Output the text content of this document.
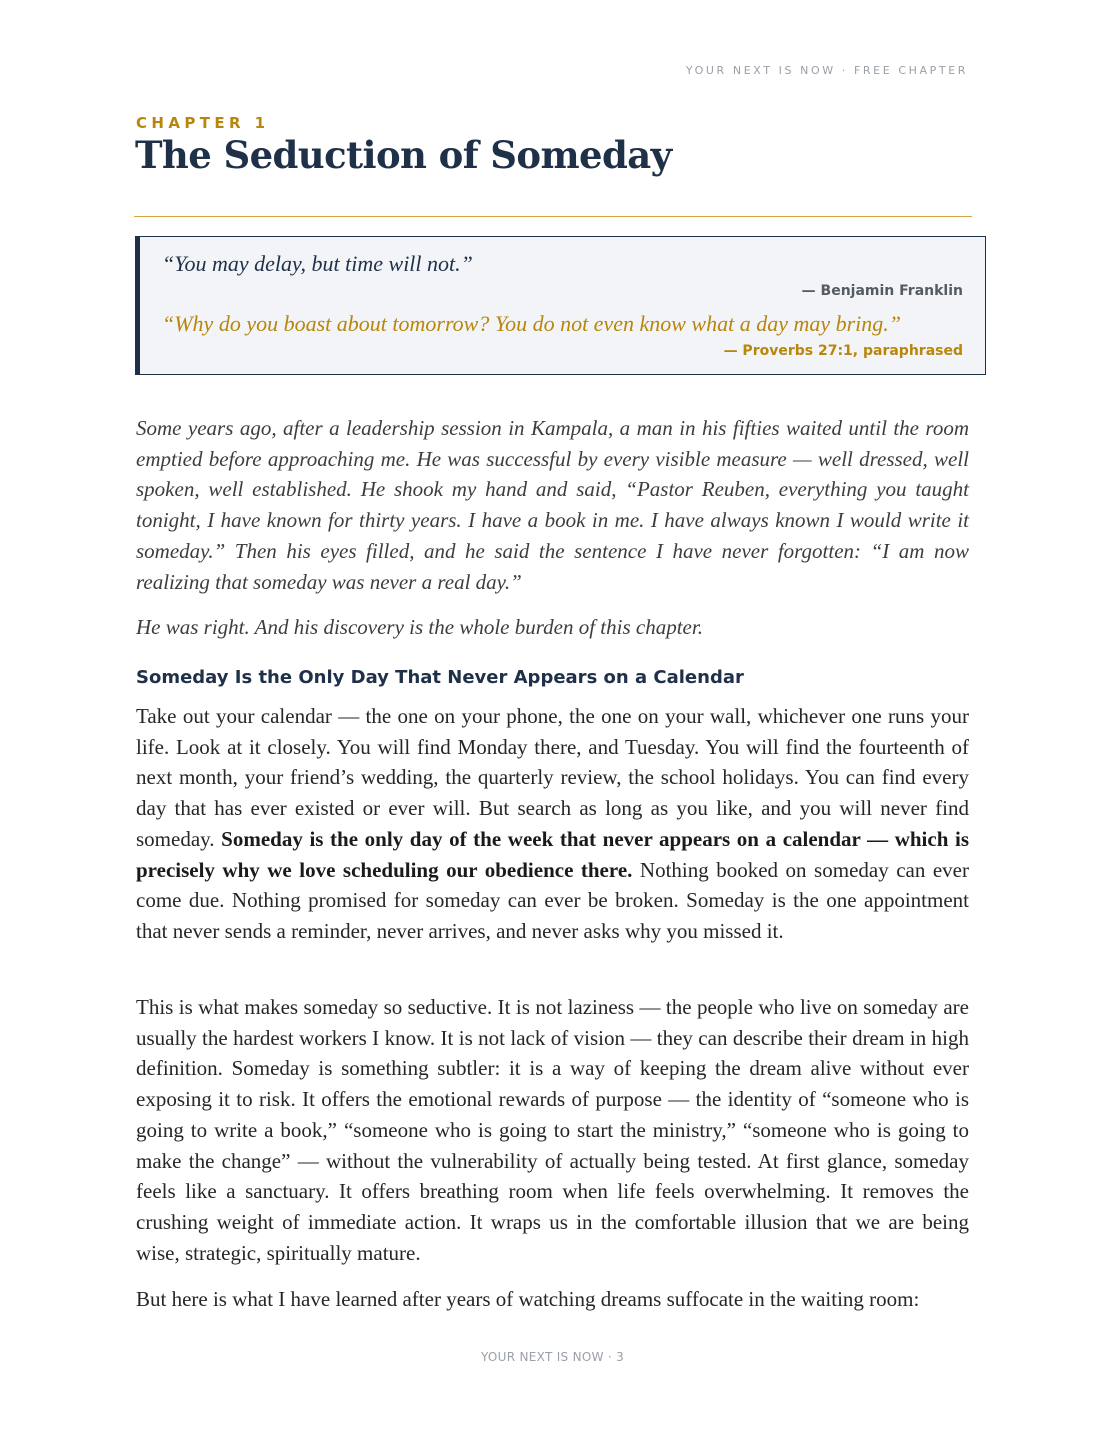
YOUR NEXT IS NOW · FREE CHAPTER
CHAPTER 1
The Seduction of Someday
“You may delay, but time will not.”
— Benjamin Franklin
“Why do you boast about tomorrow? You do not even know what a day may bring.”
— Proverbs 27:1, paraphrased

Some years ago, after a leadership session in Kampala, a man in his fifties waited until the room emptied before approaching me. He was successful by every visible measure — well dressed, well spoken, well established. He shook my hand and said, “Pastor Reuben, everything you taught tonight, I have known for thirty years. I have a book in me. I have always known I would write it someday.” Then his eyes filled, and he said the sentence I have never forgotten: “I am now realizing that someday was never a real day.”

He was right. And his discovery is the whole burden of this chapter.

Someday Is the Only Day That Never Appears on a Calendar

Take out your calendar — the one on your phone, the one on your wall, whichever one runs your life. Look at it closely. You will find Monday there, and Tuesday. You will find the fourteenth of next month, your friend’s wedding, the quarterly review, the school holidays. You can find every day that has ever existed or ever will. But search as long as you like, and you will never find someday. Someday is the only day of the week that never appears on a calendar — which is precisely why we love scheduling our obedience there. Nothing booked on someday can ever come due. Nothing promised for someday can ever be broken. Someday is the one appointment that never sends a reminder, never arrives, and never asks why you missed it.

This is what makes someday so seductive. It is not laziness — the people who live on someday are usually the hardest workers I know. It is not lack of vision — they can describe their dream in high definition. Someday is something subtler: it is a way of keeping the dream alive without ever exposing it to risk. It offers the emotional rewards of purpose — the identity of “someone who is going to write a book,” “someone who is going to start the ministry,” “someone who is going to make the change” — without the vulnerability of actually being tested. At first glance, someday feels like a sanctuary. It offers breathing room when life feels overwhelming. It removes the crushing weight of immediate action. It wraps us in the comfortable illusion that we are being wise, strategic, spiritually mature.

But here is what I have learned after years of watching dreams suffocate in the waiting room:

YOUR NEXT IS NOW · 3
